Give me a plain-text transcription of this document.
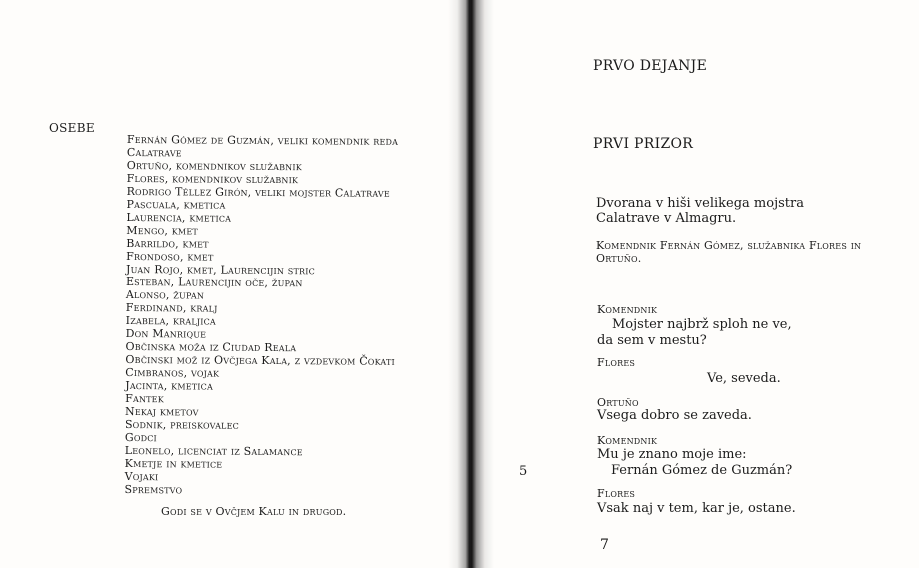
OSEBE
Fernán Gómez de Guzmán, veliki komendnik reda
Calatrave
Ortuño, komendnikov služabnik
Flores, komendnikov služabnik
Rodrigo Téllez Girón, veliki mojster Calatrave
Pascuala, kmetica
Laurencia, kmetica
Mengo, kmet
Barrildo, kmet
Frondoso, kmet
Juan Rojo, kmet, Laurencijin stric
Esteban, Laurencijin oče, župan
Alonso, župan
Ferdinand, kralj
Izabela, kraljica
Don Manrique
Občinska moža iz Ciudad Reala
Občinski mož iz Ovčjega Kala, z vzdevkom Čokati
Cimbranos, vojak
Jacinta, kmetica
Fantek
Nekaj kmetov
Sodnik, preiskovalec
Godci
Leonelo, licenciat iz Salamance
Kmetje in kmetice
Vojaki
Spremstvo
Godi se v Ovčjem Kalu in drugod.
5
PRVO DEJANJE
PRVI PRIZOR
Dvorana v hiši velikega mojstra Calatrave v Almagru.
Komendnik Fernán Gómez, služabnika Flores in Ortuño.
Komendnik
Mojster najbrž sploh ne ve,
da sem v mestu?
Flores
Ve, seveda.
Ortuño
Vsega dobro se zaveda.
Komendnik
Mu je znano moje ime:
Fernán Gómez de Guzmán?
Flores
Vsak naj v tem, kar je, ostane.
7
